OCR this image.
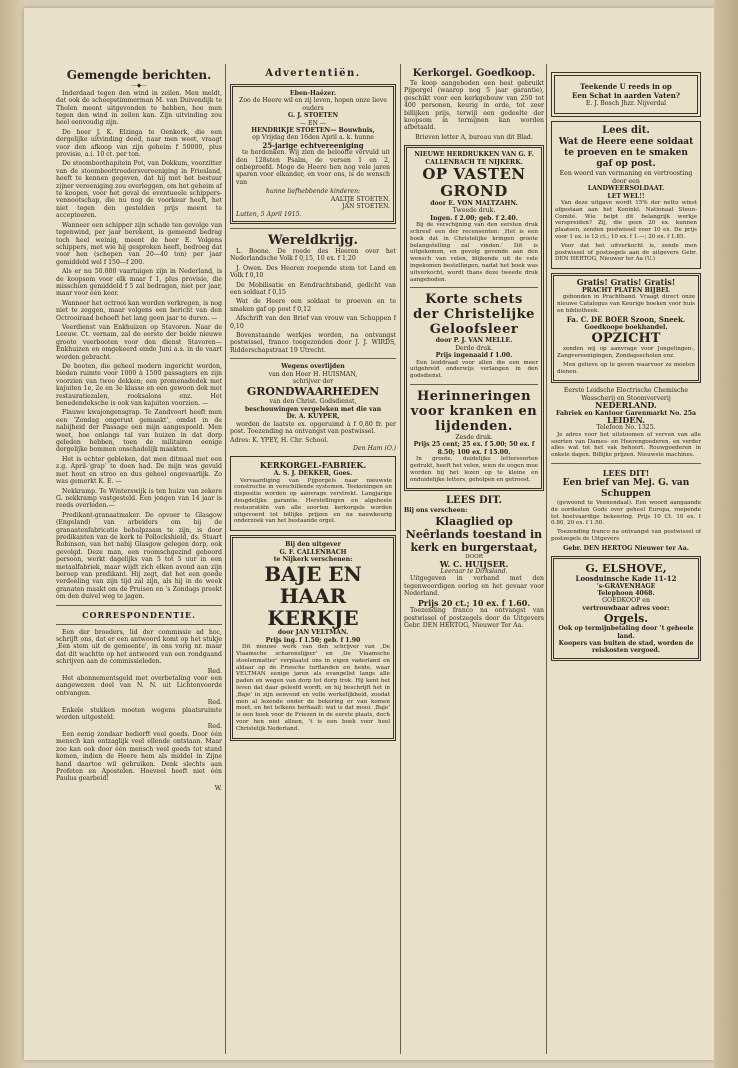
Gemengde berichten.
—◆—

Inderdaad tegen den wind in zeilen. Men meldt, dat ook de scheepstimmerman M. van Duivendijk te Tholen meent uitgevonden te hebben, hoe men tegen den wind in zeilen kan. Zijn uitvinding zou heel eenvoudig zijn.

De heer J. K. Elzinga te Oenkerk, die een dergelijke uitvinding deed, naar men weet, vraagt voor den afkoop van zijn geheim f 50000, plus provisie, a.i. 10 ct. per ton.

De stoomboothapitein Pot, van Dokkum, voorzitter van de stoomboottreedersvereeniging in Friesland, heeft te kennen gegeven, dat hij met het bestuur zijner vereeniging zou overleggen, om het geheim af te koopen, voor het geval de eventueele schippers-vennootschap, die nu nog de voorkeur heeft, het niet tegen den gestelden prijs meent te accepteeren.

Wanneer een schipper zijn schade ten gevolge van tegenwind, per jaar berekent, is gemeend bedrag toch heel weinig, meent de heer E. Volgens schippers, met wie hij gesproken heeft, bedroeg dat voor hen (schepen van 20—40 ton) per jaar gemiddeld wel f 150—f 200.

Als er nu 50.000 vaartuigen zijn in Nederland, is de koopsom voor elk maar f 1, plus provisie, die misschien gemiddeld f 5 zal bedragen, niet per jaar, maar voor één keer.

Wanneer het octrooi kan worden verkregen, is nog niet te zeggen, maar volgens een bericht van den Octrooiraad behoeft het lang geen jaar te duren. —

Veerdienst van Enkhuizen op Stavoren. Naar de Leeuw. Ct. vernam, zal de eerste der beide nieuwe groote veerbooten voor den dienst Stavoren—Enkhuizen en omgekeerd einde Juni a.s. in de vaart worden gebracht.

De booten, die geheel modern ingericht worden, bieden ruimte voor 1000 à 1500 passagiers en zijn voorzien van twee dekken; een promenadedek met kajuiten 1e, 2e en 3e klasse en een gewoon dek met restauratiezalen, rooksalons enz. Het benedendeksche is ook van kajuiten voorzien. —

Flauwe kwajongensgrap. Te Zandvoort heeft men een ‘Zondag ongerust gemaakt’, omdat in de nabijheid der Passage een mijn aangespoeld. Men weet, hoe onlangs tal van huizen in dat dorp geleden hebben, toen de militairen eenige dergelijke bommen onschadelijk maakten.

Het is echter gebleken, dat men ditmaal met een z.g. April-‘grap’ te doen had. De mijn was gevuld met hout en stroo en dus geheel ongevaarlijk. Zo was gemerkt K. E. —

Nekkramp. Te Winterswijk is ten huize van zekere G. nekkramp vastgesteld. Een jongen van 14 jaar is reeds overleden.—

Predikant-granaatmaker. De opvoer te Glasgow (Engeland) van arbeiders om bij de granaatenfabricatie behulpzaam te zijn, is door predikanten van de kerk te Pollockshield, ds. Stuart Robinson, van het nabij Glasgow gelegen dorp, ook gevolgd. Deze man, een roomschgezind geboord persoon, werkt dagelijks van 5 tot 5 uur in een metaalfabriek, maar wijdt zich elken avond aan zijn beroep van predikant. Hij zegt, dat het een goede verdeeling van zijn tijd zal zijn, als hij in de week granaten maakt om de Pruisen en ’s Zondags preekt om den duivel weg te jagen.

CORRESPONDENTIE.

Een der broeders, lid der commissie ad hoc, schrijft ons, dat er een antwoord komt op het stukje ‚Een stem uit de gemeente’, in ons vorig nr. maar dat dit wachtte op het antwoord van een rondgaand schrijven aan de commissieleden.

Red.

Het abonnementsgeld met overbetaling voor een aangewezen doel van N. N. uit Lichtenvoorde ontvangen.

Red.

Enkele stukken moeten wegens plaatsruimte worden uitgesteld.

Red.

Een eenig zondaar bedierft veel goeds. Door één mensch kan ontzaglijk veel ellende ontstaan. Maar zoo kan ook door één mensch veel goeds tot stand komen, indien de Heere hem als middel in Zijne hand daartoe wil gebruiken. Denk slechts aan Profeten en Apostelen. Hoeveel heeft niet één Paulus gearbeid!

W.
Advertentiën.
Eben-Haëzer.
Zoo de Heere wil en zij leven, hopen onze lieve ouders
G. J. STOETEN
— EN —
HENDRIKJE STOETEN— Bouwhuis,
op Vrijdag den 16den April a. k. hunne
25-jarige echtvereeniging
te herdenken. Wij zien de beloofte vervuld uit den 128sten Psalm, de versen 1 en 2, onbeproefd. Moge de Heere hen nog vele jaren sparen voor elkander, en voor ons, is de wensch van
hunne liefhebbende kinderen:
AALTJE STOETEN.
JAN STOETEN.
Lutten, 5 April 1915.
Wereldkrijg.
L. Boone. De roede des Heeren over het Nederlandsche Volk f 0,15, 10 ex. f 1,20
J. Owen. Des Heeren roepende stem tot Land en Volk f 0,10
De Mobilisatie en Eendrachtsband, gedicht van een soldaat f 0,15
Wat de Heere een soldaat te proeven en te smaken gaf op post f 0,12
Afschrift van den Brief van vrouw van Schuppen f 0,10
Bovenstaande werkjes worden, na ontvangst postwissel, franco toegezonden door J. J. WIRDS, Ridderschapstraat 19 Utrecht.
Wegens overlijden
van den Heer H. HUISMAN,
schrijver der
GRONDWAARHEDEN
van den Christ. Godsdienst,
beschouwingen vergeleken met die van
Dr. A. KUYPER,
worden de laatste ex. opgeruimd à f 0,80 fr. per post. Toezending na ontvangst van postwissel.
Adres: K. YPEY, H. Chr. School.
Den Ham (O.)
KERKORGEL-FABRIEK.
A. S. J. DEKKER, Goes.
Vervaardiging van Pijporgels naar nieuwste constructie in verschillende systemen. Teekeningen en dispositie worden op aanvrage verstrekt. Langjarige deugdelijke garantie. Herstellingen en algeheele restauratiën van alle soorten kerkorgels worden uitgevoerd tot billijke prijzen en na nauwkeurig onderzoek van het bestaande orgel.
Bij den uitgever
G. F. CALLENBACH
te Nijkerk verschenen:
BAJE EN
HAAR KERKJE
door JAN VELTMAN.
Prijs ing. f 1.50; geb. f 1.90
Dit nieuwe werk van den schrijver van ‚De Vlaamsche scharenslijper’ en ‚De Vlaamsche stoelenmatter’ verplaatst ons in eigen vaderland en aldaar op de Friesche turflanden en heide, waar VELTMAN eenige jaren als evangelist langs alle paden en wegen van dorp tot dorp trok. Hij kent het leven dat daar geleefd wordt, en hij beschrijft het in ‚Baje’ in zijn eenvoud en volle werkelijkheid, zoodat men al lezende onder de bekoring er van komen moet, en het telkens herhaalt: wat is dat mooi. ‚Baje’ is een boek voor de Friezen in de eerste plaats, doch voor hen niet alleen, ’t is een boek voor heel Christelijk Nederland.
Kerkorgel. Goedkoop.
Te koop aangeboden een best gebruikt Pijporgel (waarop nog 5 jaar garantie), geschikt voor een kerkgebouw van 250 tot 400 personen, keurig in orde, tot zeer billijken prijs, terwijl een gedeelte der koopsom in termijnen kan worden afbetaald.
Brieven letter A, bureau van dit Blad.
NIEUWE HERDRUKKEN VAN G. F. CALLENBACH TE NIJKERK.
OP VASTEN GROND
door E. VON MALTZAHN.
Tweede druk.
Ingen. f 2.00; geb. f 2.40.
Bij de verschijning van den eersten druk schreef een der recensenten: ‚Het is een boek dat in Christelijke kringen groote belangstelling zal vinden.’ Dit is uitgekomen, en gevolg gevende aan den wensch van velen, blijkende uit de vele ingekomen bestellingen, nadat het boek was uitverkocht, wordt thans deze tweede druk aangeboden.
Korte schets der Christelijke Geloofsleer
door P. J. VAN MELLE.
Derde druk.
Prijs ingenaaid f 1.00.
Een leiddraad voor allen die een meer uitgebreid onderwijs verlangen in den godsdienst.
Herinneringen voor kranken en lijdenden.
Zesde druk.
Prijs 25 cent; 25 ex. f 5.00; 50 ex. f 8.50; 100 ex. f 15.00.
In groote, duidelijke lettersoorten gedrukt, heeft het velen, wien de oogen moe worden bij het lezen op te kleine en onduidelijke letters, geholpen en getroost.
LEES DIT.
Bij ons verscheen:
Klaaglied op Neêrlands toestand in kerk en burgerstaat,
DOOR
W. C. HUIJSER.
Leeraar te Dirksland.
Uitgegeven in verband met den tegenwoordigen oorlog en het gevaar voor Nederland.
Prijs 20 ct.; 10 ex. f 1.60.
Toezending franco na ontvangst van postwissel of postzegels door de Uitgevers Gebr. DEN HERTOG, Nieuwer Ter Aa.
Teekende U reeds in op
Een Schat in aarden Vaten?
E. J. Bosch Jhzr. Nijverdal
Lees dit.
Wat de Heere eene soldaat te proeven en te smaken gaf op post.
Een woord van vermaning en vertroosting door een
LANDWEERSOLDAAT.
LET WEL!!
Van deze uitgave wordt 15% der netto winst afgestaan aan het Koninkl. Nationaal Steun-Comité. Wie helpt dit belangrijk werkje verspreiden? Zij, die geen 20 ex. kunnen plaatsen, zenden postwissel voor 10 ex. De prijs voor 1 ex. is 12 ct.; 10 ex. f 1.—; 20 ex. f 1.85.
Voor dat het uitverkocht is, zende men postwissel of postzegels aan de uitgevers Gebr. DEN HERTOG, Nieuwer ter Aa (U.)
Gratis! Gratis! Gratis!
PRACHT PLATEN BIJBEL
gebonden in Prachtband. Vraagt direct onze nieuwe Catalogus van Keurige boeken voor huis en bibliotheek.
Fa. C. DE BOER Szoon, Sneek.
Goedkoope boekhandel.
OPZICHT
zenden wij op aanvrage voor Jongelingen-, Zangvereenigingen, Zondagsscholen enz.
Men gelieve op te geven waarvoor ze moeten dienen.
Eerste Leidsche Electrische Chemische Wasscherij en Stoomververij
NEDERLAND.
Fabriek en Kantoor Garenmarkt No. 25a
LEIDEN.
Telefoon No. 1325.
Je adres voor het uitstoomen of verven van alle soorten van Dames- en Heerengoederen, en verder alles wat tot het vak behoort. Rouwgoederen in enkele dagen. Billijke prijzen. Nieuwste machines.
LEES DIT!
Een brief van Mej. G. van Schuppen
(gewoond te Veenendaal). Een woord aangaande de oordeelen Gods over geheel Europa, roepende tot boetvaardige bekeering. Prijs 10 Ct. 10 ex. f 0.80, 20 ex. f 1.50.
Toezending franco na ontvangst van postwissel of postzegels de Uitgevers
Gebr. DEN HERTOG Nieuwer ter Aa.
G. ELSHOVE,
Loosduinsche Kade 11-12
’s-GRAVENHAGE
Telephoon 4068.
GOEDKOOP en
vertrouwbaar adres voor:
Orgels.
Ook op termijnbetaling door ’t geheele land.
Koopers van buiten de stad, worden de reiskosten vergoed.
